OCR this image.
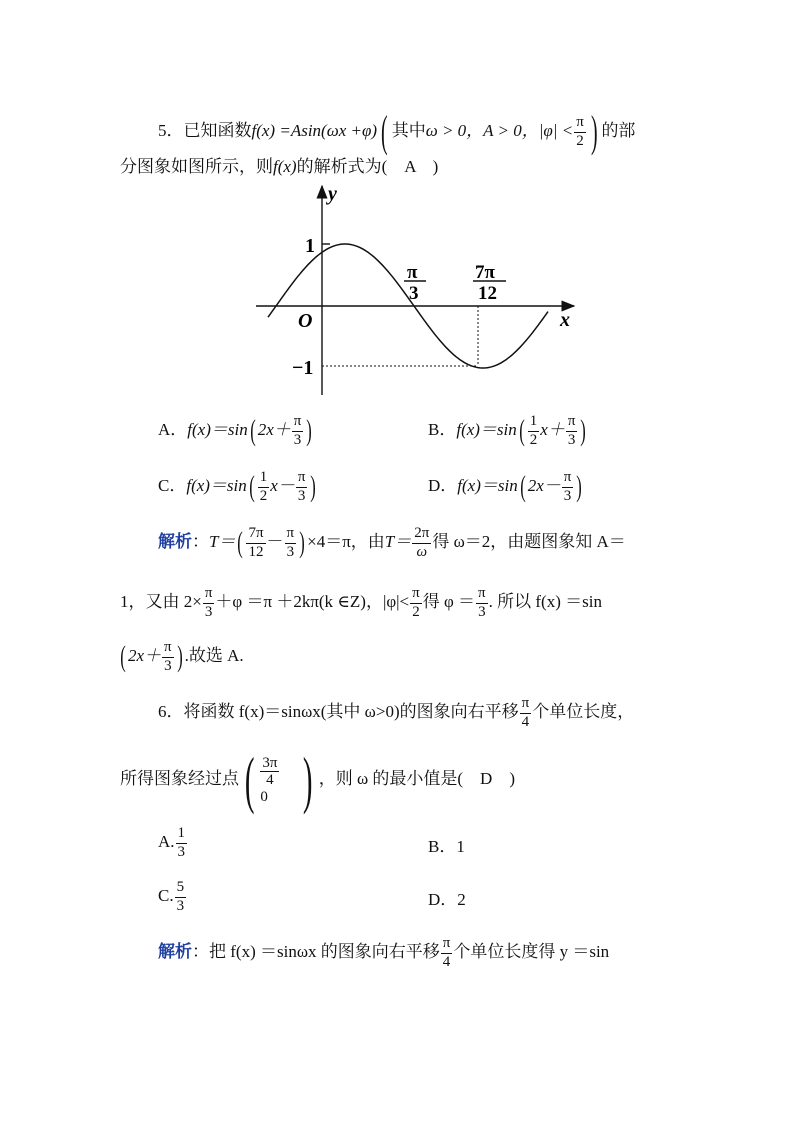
5．已知函数f(x) =Asin(ωx +φ)( 其中ω > 0，A > 0，$|\varphi| < \frac{\pi}{2}$ ) 的部
分图象如图所示，则f(x)的解析式为(　A　)
y
x
O
1
−1
π
3
7π
12
A．f(x)＝sin( $2x+ \frac{\pi}{3}$ )	B．$f(x)=\sin( \frac{1}{2} x+ \frac{\pi}{3}$ )
C．$f(x)=\sin( \frac{1}{2} x- \frac{\pi}{3}$ )	D．f(x)＝sin( $2x- \frac{\pi}{3}$ )
解析：$T=( \frac{7\pi}{12} - \frac{\pi}{3}$ ) ×4＝π，由$T= \frac{2\pi}{\omega}$ 得 ω＝2，由题图象知 A＝
1，又由 $2\times \frac{\pi}{3} +\varphi =\pi +2k\pi(k$ ∈Z)，$|\varphi|< \frac{\pi}{2}$ 得 $\varphi = \frac{\pi}{3}$ . 所以 f(x) ＝sin
( $2x+ \frac{\pi}{3}$ ) .故选 A.
6．将函数 f(x)＝sinωx(其中 ω>0)的图象向右平移 $\frac{\pi}{4}$ 个单位长度，
所得图象经过点( $\frac{3\pi}{4}$

0 ) ，则 ω 的最小值是(　D　)
A. $\frac{1}{3}$	B．1
C. $\frac{5}{3}$	D．2
解析：把 f(x) ＝sinωx 的图象向右平移 $\frac{\pi}{4}$ 个单位长度得 y ＝sin
